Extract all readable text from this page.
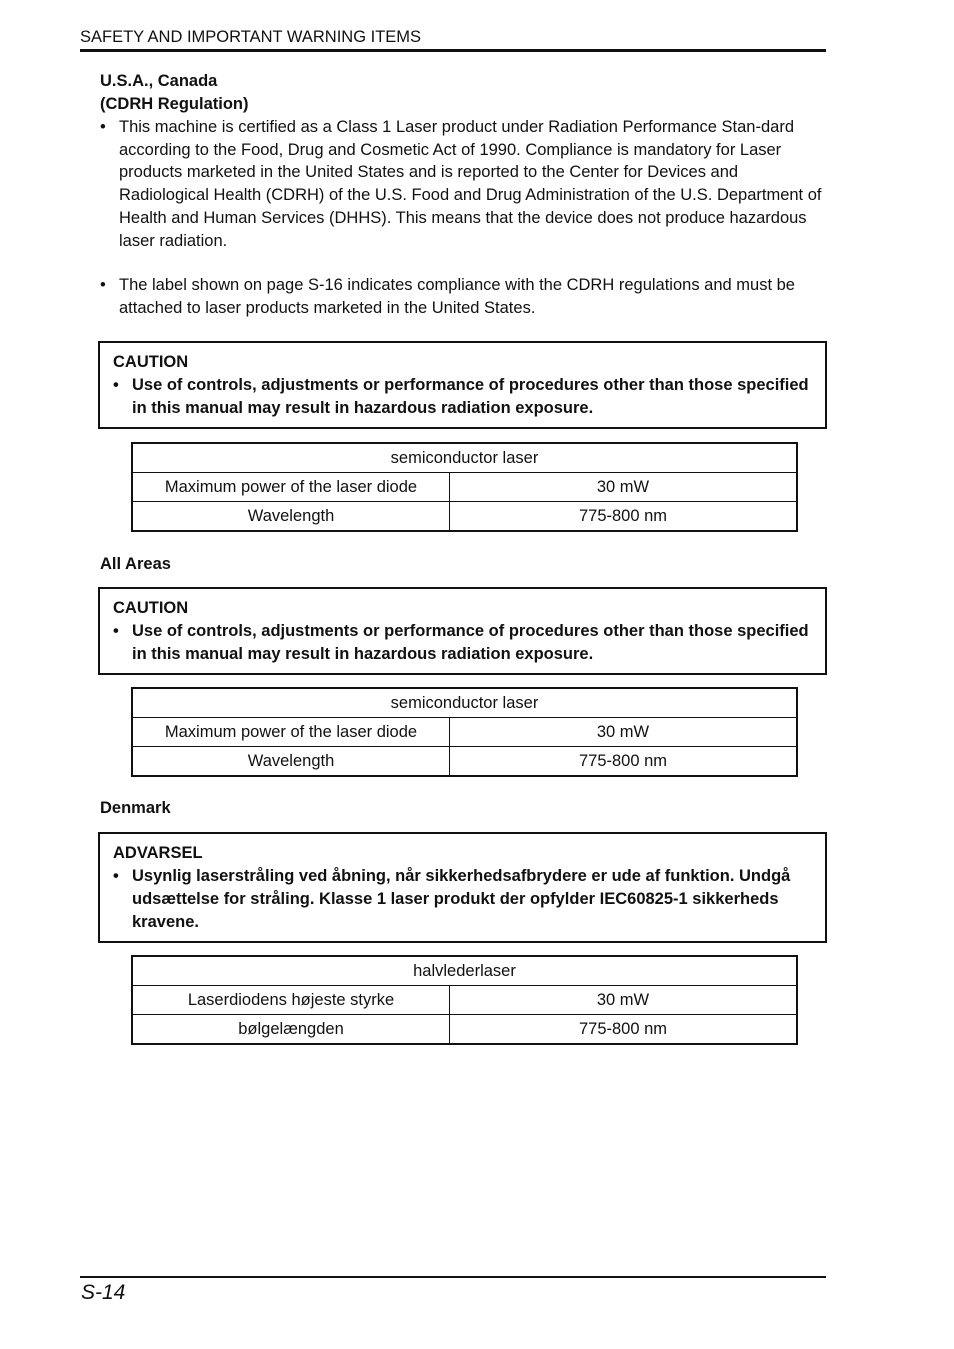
SAFETY AND IMPORTANT WARNING ITEMS
U.S.A., Canada
(CDRH Regulation)
• This machine is certified as a Class 1 Laser product under Radiation Performance Stan-dard according to the Food, Drug and Cosmetic Act of 1990. Compliance is mandatory for Laser products marketed in the United States and is reported to the Center for Devices and Radiological Health (CDRH) of the U.S. Food and Drug Administration of the U.S. Department of Health and Human Services (DHHS). This means that the device does not produce hazardous laser radiation.
• The label shown on page S-16 indicates compliance with the CDRH regulations and must be attached to laser products marketed in the United States.
CAUTION
• Use of controls, adjustments or performance of procedures other than those specified in this manual may result in hazardous radiation exposure.
semiconductor laser	
Maximum power of the laser diode	30 mW
Wavelength	775-800 nm
All Areas
CAUTION
• Use of controls, adjustments or performance of procedures other than those specified in this manual may result in hazardous radiation exposure.
semiconductor laser	
Maximum power of the laser diode	30 mW
Wavelength	775-800 nm
Denmark
ADVARSEL
• Usynlig laserstråling ved åbning, når sikkerhedsafbrydere er ude af funktion. Undgå udsættelse for stråling. Klasse 1 laser produkt der opfylder IEC60825-1 sikkerheds kravene.
halvlederlaser	
Laserdiodens højeste styrke	30 mW
bølgelængden	775-800 nm
S-14
